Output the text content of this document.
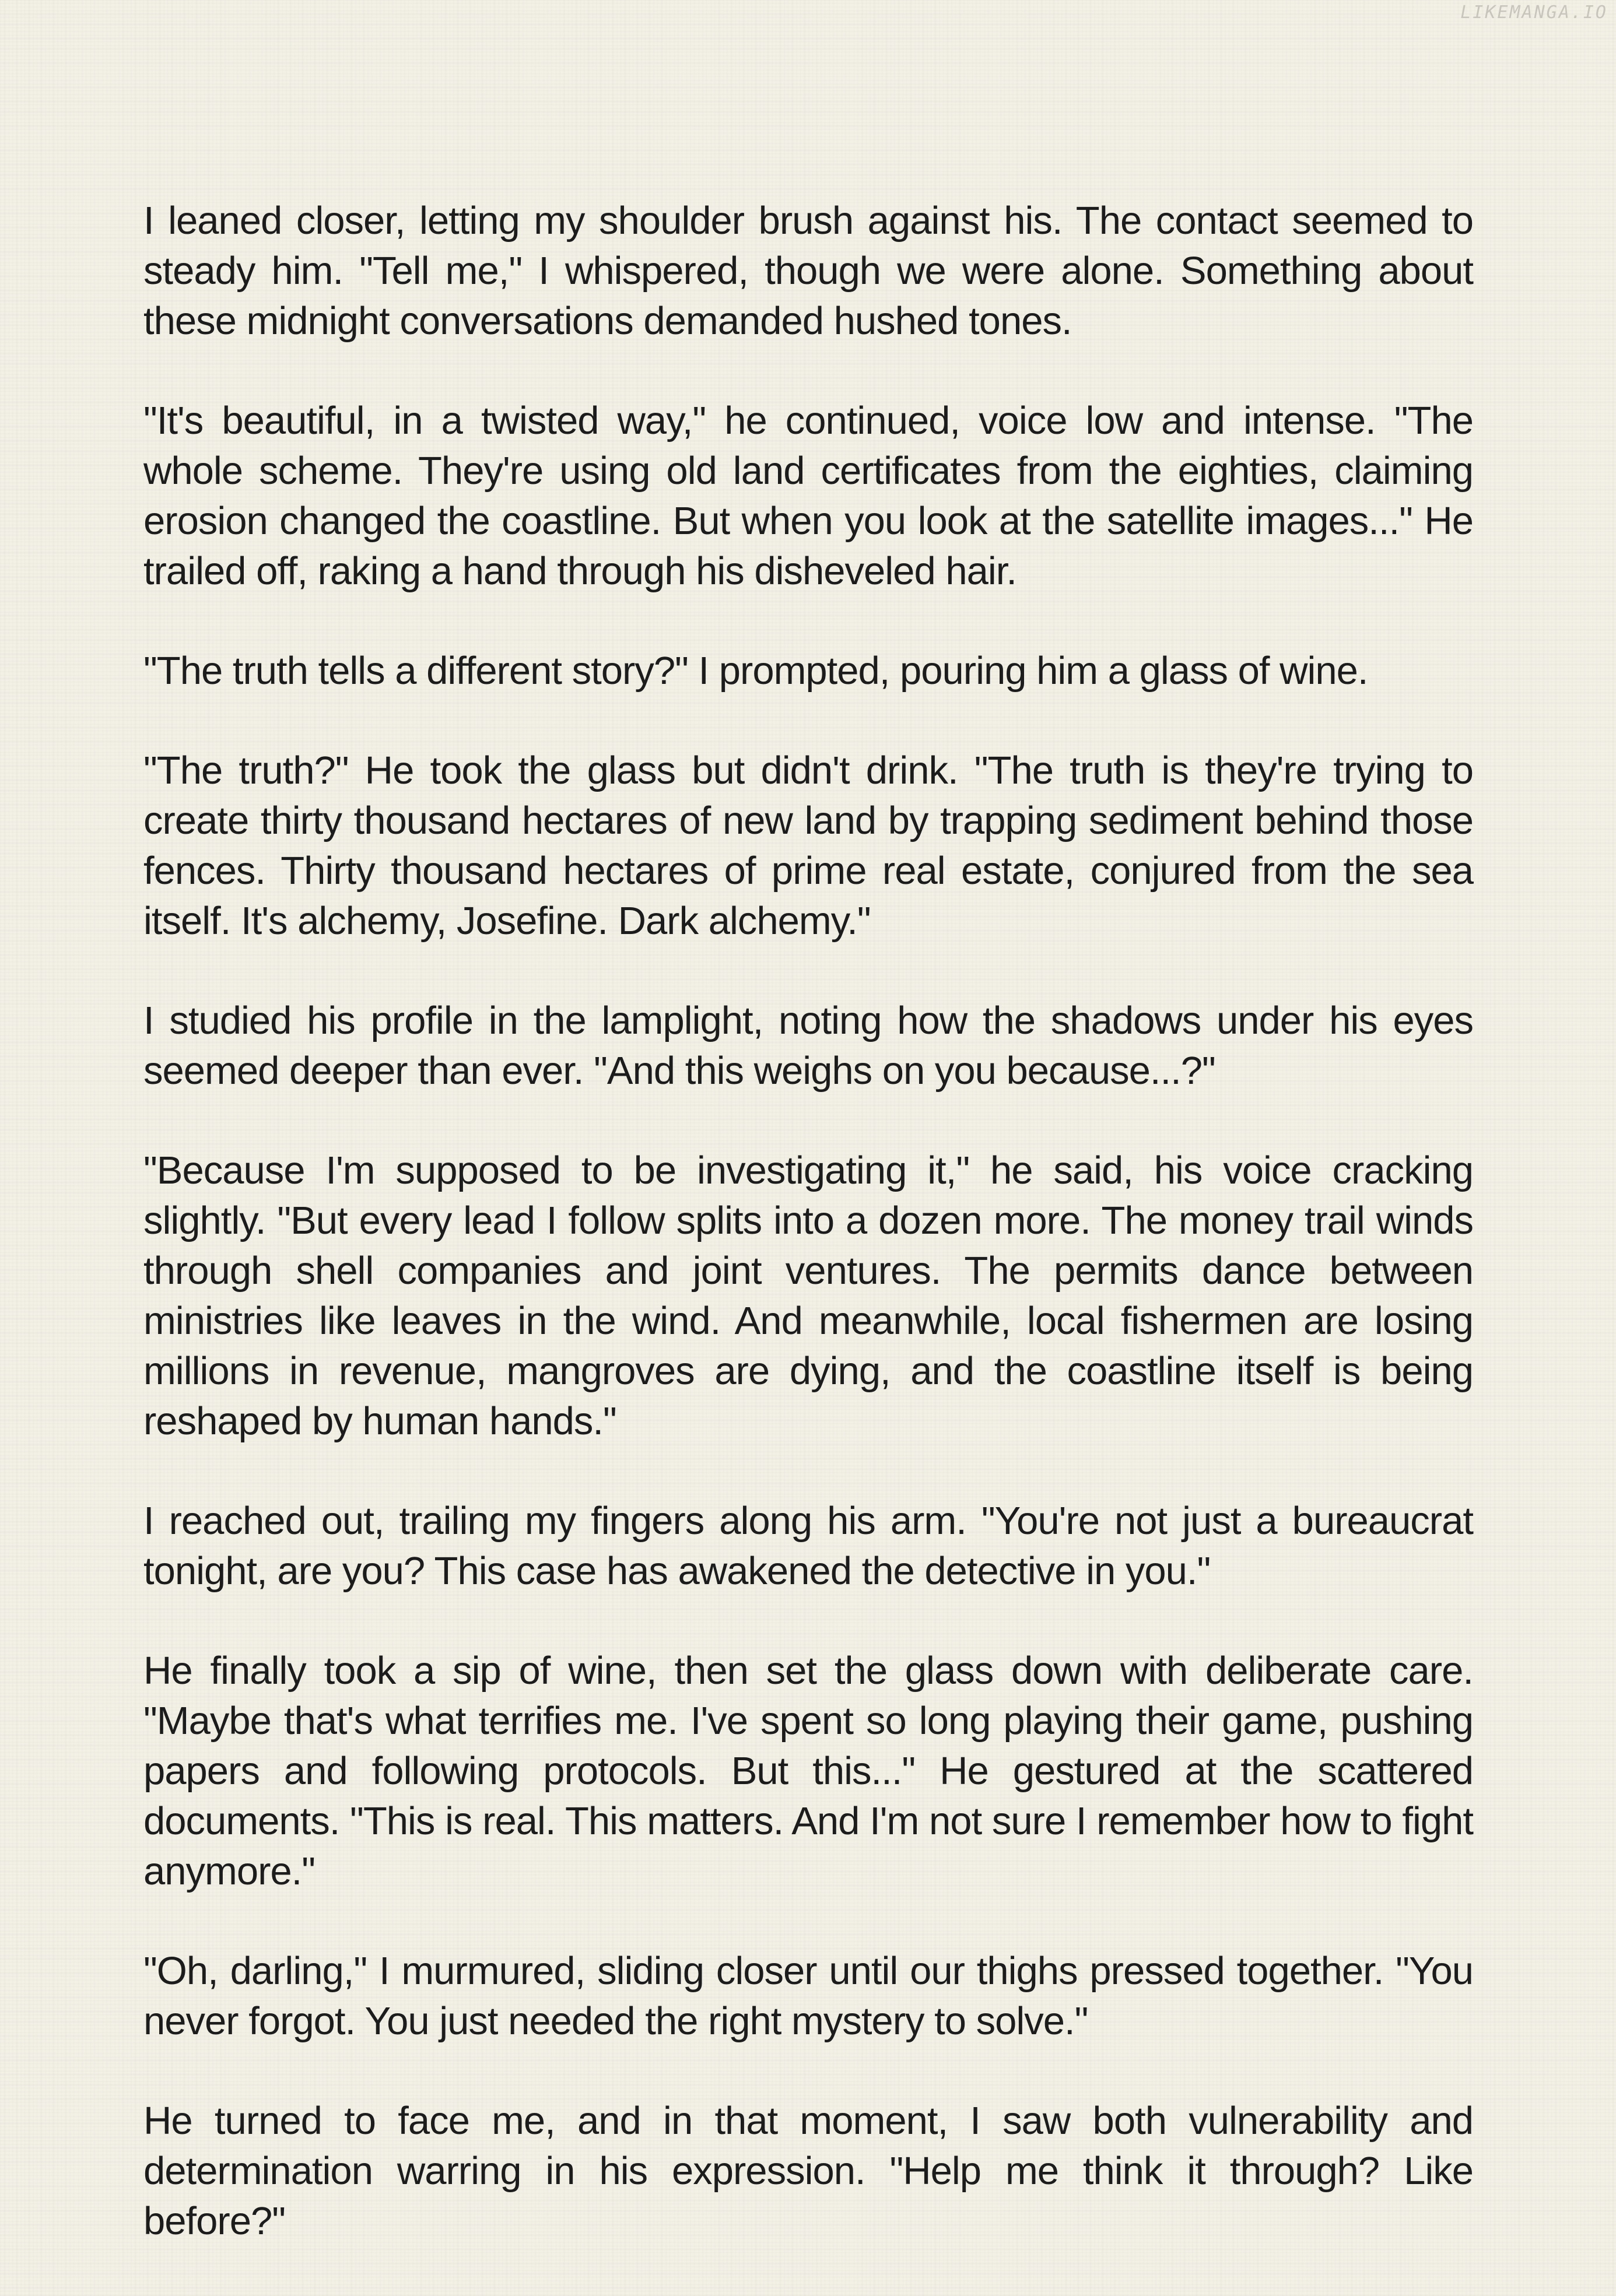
LIKEMANGA.IO

I leaned closer, letting my shoulder brush against his. The contact seemed to steady him. "Tell me," I whispered, though we were alone. Something about these midnight conversations demanded hushed tones.

"It's beautiful, in a twisted way," he continued, voice low and intense. "The whole scheme. They're using old land certificates from the eighties, claiming erosion changed the coastline. But when you look at the satellite images..." He trailed off, raking a hand through his disheveled hair.

"The truth tells a different story?" I prompted, pouring him a glass of wine.

"The truth?" He took the glass but didn't drink. "The truth is they're trying to create thirty thousand hectares of new land by trapping sediment behind those fences. Thirty thousand hectares of prime real estate, conjured from the sea itself. It's alchemy, Josefine. Dark alchemy."

I studied his profile in the lamplight, noting how the shadows under his eyes seemed deeper than ever. "And this weighs on you because...?"

"Because I'm supposed to be investigating it," he said, his voice cracking slightly. "But every lead I follow splits into a dozen more. The money trail winds through shell companies and joint ventures. The permits dance between ministries like leaves in the wind. And meanwhile, local fishermen are losing millions in revenue, mangroves are dying, and the coastline itself is being reshaped by human hands."

I reached out, trailing my fingers along his arm. "You're not just a bureaucrat tonight, are you? This case has awakened the detective in you."

He finally took a sip of wine, then set the glass down with deliberate care. "Maybe that's what terrifies me. I've spent so long playing their game, pushing papers and following protocols. But this..." He gestured at the scattered documents. "This is real. This matters. And I'm not sure I remember how to fight anymore."

"Oh, darling," I murmured, sliding closer until our thighs pressed together. "You never forgot. You just needed the right mystery to solve."

He turned to face me, and in that moment, I saw both vulnerability and determination warring in his expression. "Help me think it through? Like before?"
